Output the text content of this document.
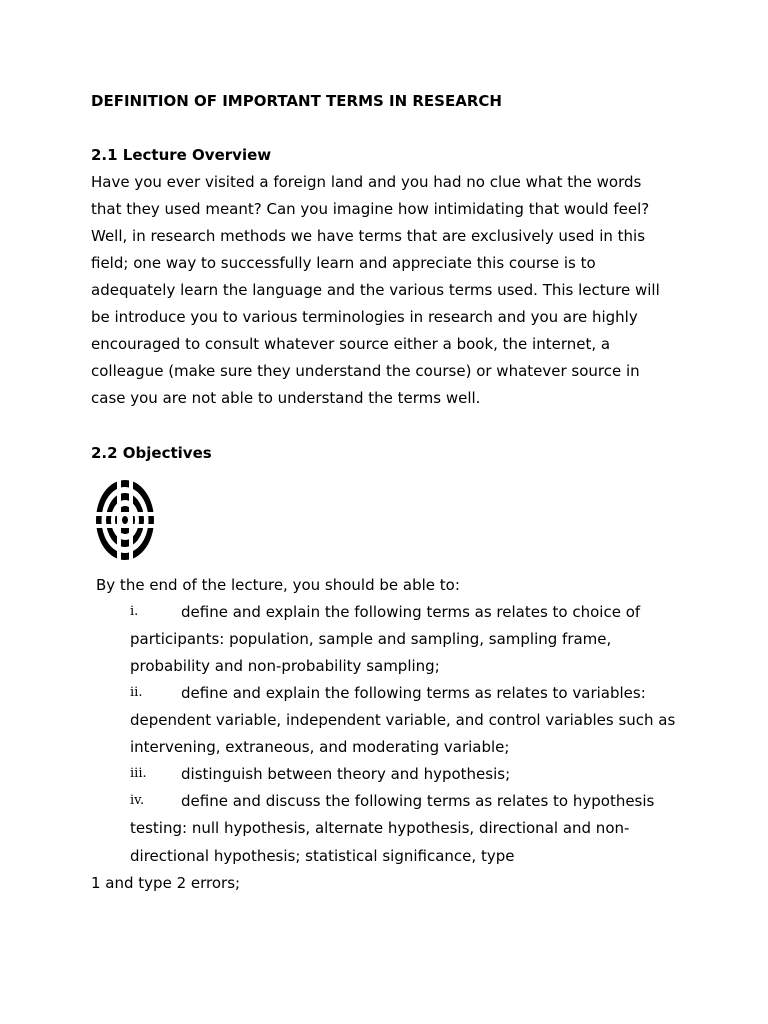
DEFINITION OF IMPORTANT TERMS IN RESEARCH
2.1 Lecture Overview
Have you ever visited a foreign land and you had no clue what the words
that they used meant? Can you imagine how intimidating that would feel?
Well, in research methods we have terms that are exclusively used in this
field; one way to successfully learn and appreciate this course is to
adequately learn the language and the various terms used. This lecture will
be introduce you to various terminologies in research and you are highly
encouraged to consult whatever source either a book, the internet, a
colleague (make sure they understand the course) or whatever source in
case you are not able to understand the terms well.
2.2 Objectives
By the end of the lecture, you should be able to:
i.	define and explain the following terms as relates to choice of
participants: population, sample and sampling, sampling frame,
probability and non-probability sampling;
ii.	define and explain the following terms as relates to variables:
dependent variable, independent variable, and control variables such as
intervening, extraneous, and moderating variable;
iii. distinguish between theory and hypothesis;
iv. define and discuss the following terms as relates to hypothesis
testing: null hypothesis, alternate hypothesis, directional and non-
directional hypothesis; statistical significance, type
1 and type 2 errors;
